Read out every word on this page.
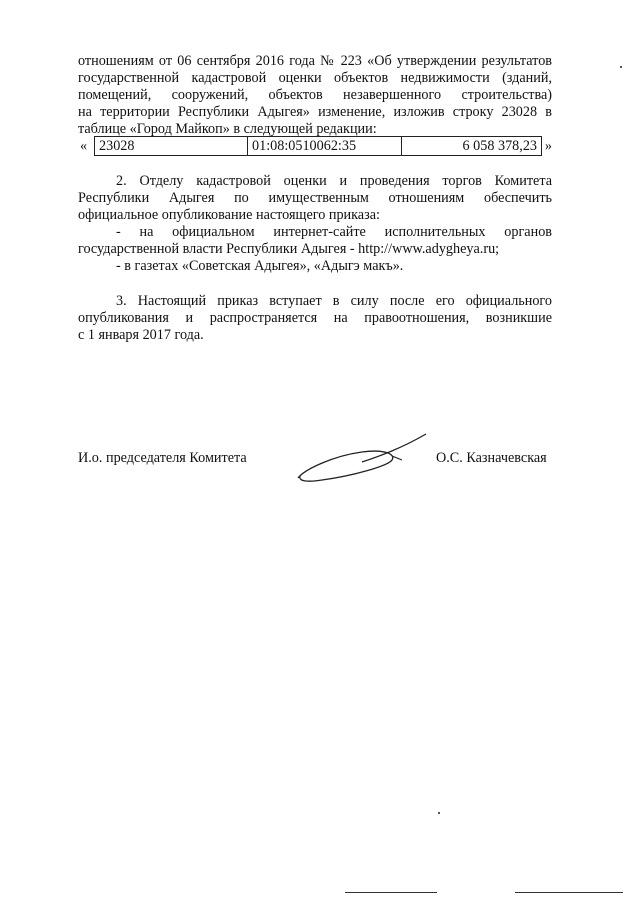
отношениям от 06 сентября 2016 года № 223 «Об утверждении результатов
государственной кадастровой оценки объектов недвижимости (зданий,
помещений, сооружений, объектов незавершенного строительства)
на территории Республики Адыгея» изменение, изложив строку 23028 в
таблице «Город Майкоп» в следующей редакции:
« 23028	01:08:0510062:35	6 058 378,23 »
2. Отделу кадастровой оценки и проведения торгов Комитета
Республики Адыгея по имущественным отношениям обеспечить
официальное опубликование настоящего приказа:
- на официальном интернет-сайте исполнительных органов
государственной власти Республики Адыгея - http://www.adygheya.ru;
- в газетах «Советская Адыгея», «Адыгэ макъ».
3. Настоящий приказ вступает в силу после его официального
опубликования и распространяется на правоотношения, возникшие
с 1 января 2017 года.
И.о. председателя Комитета	О.С. Казначевская
